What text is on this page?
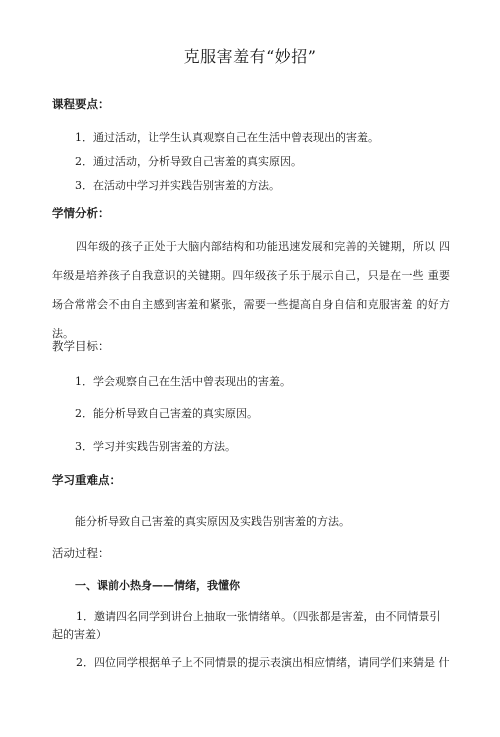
克服害羞有“妙招”
课程要点：
1．通过活动，让学生认真观察自己在生活中曾表现出的害羞。
2．通过活动，分析导致自己害羞的真实原因。
3．在活动中学习并实践告别害羞的方法。
学情分析：
四年级的孩子正处于大脑内部结构和功能迅速发展和完善的关键期，所以 四年级是培养孩子自我意识的关键期。四年级孩子乐于展示自己，只是在一些 重要场合常常会不由自主感到害羞和紧张，需要一些提高自身自信和克服害羞 的好方法。
教学目标：
1．学会观察自己在生活中曾表现出的害羞。
2．能分析导致自己害羞的真实原因。
3．学习并实践告别害羞的方法。
学习重难点：
能分析导致自己害羞的真实原因及实践告别害羞的方法。
活动过程：
一、课前小热身——情绪，我懂你
1．邀请四名同学到讲台上抽取一张情绪单。（四张都是害羞，由不同情景引起的害羞）
2．四位同学根据单子上不同情景的提示表演出相应情绪，请同学们来猜是 什
